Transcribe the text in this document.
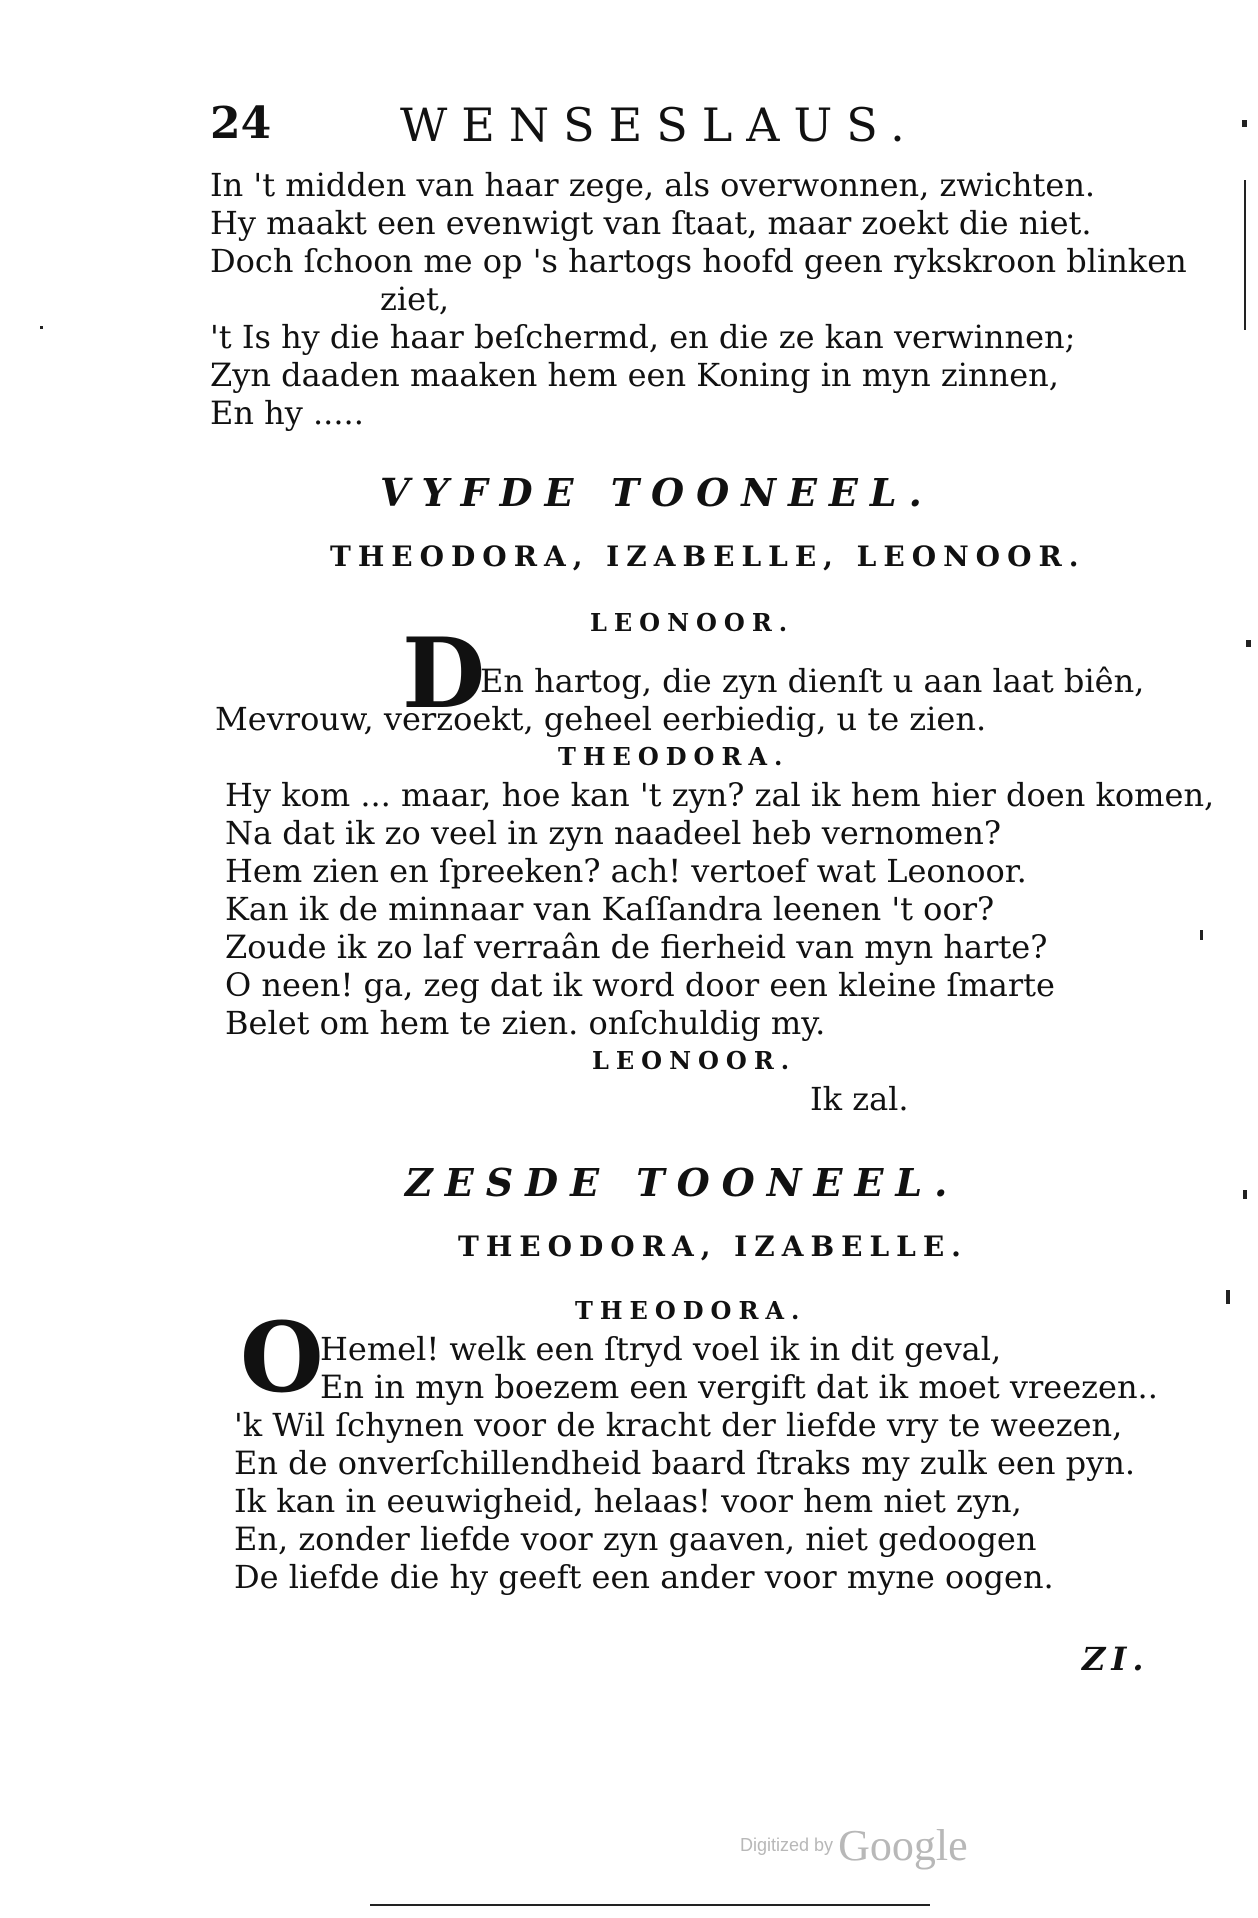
24	WENSESLAUS.
In 't midden van haar zege, als overwonnen, zwichten.
Hy maakt een evenwigt van ſtaat, maar zoekt die niet.
Doch ſchoon me op 's hartogs hoofd geen rykskroon blinken
ziet,
't Is hy die haar beſchermd, en die ze kan verwinnen;
Zyn daaden maaken hem een Koning in myn zinnen,
En hy .....
VYFDE TOONEEL.
THEODORA, IZABELLE, LEONOOR.
LEONOOR.
D
En hartog, die zyn dienſt u aan laat biên,
Mevrouw, verzoekt, geheel eerbiedig, u te zien.
THEODORA.
Hy kom ... maar, hoe kan 't zyn? zal ik hem hier doen komen,
Na dat ik zo veel in zyn naadeel heb vernomen?
Hem zien en ſpreeken? ach! vertoef wat Leonoor.
Kan ik de minnaar van Kaſſandra leenen 't oor?
Zoude ik zo laf verraân de fierheid van myn harte?
O neen! ga, zeg dat ik word door een kleine ſmarte
Belet om hem te zien. onſchuldig my.
LEONOOR.
Ik zal.
ZESDE TOONEEL.
THEODORA, IZABELLE.
THEODORA.
O
Hemel! welk een ſtryd voel ik in dit geval,
En in myn boezem een vergift dat ik moet vreezen..
'k Wil ſchynen voor de kracht der liefde vry te weezen,
En de onverſchillendheid baard ſtraks my zulk een pyn.
Ik kan in eeuwigheid, helaas! voor hem niet zyn,
En, zonder liefde voor zyn gaaven, niet gedoogen
De liefde die hy geeft een ander voor myne oogen.
ZI.
Digitized by Google
